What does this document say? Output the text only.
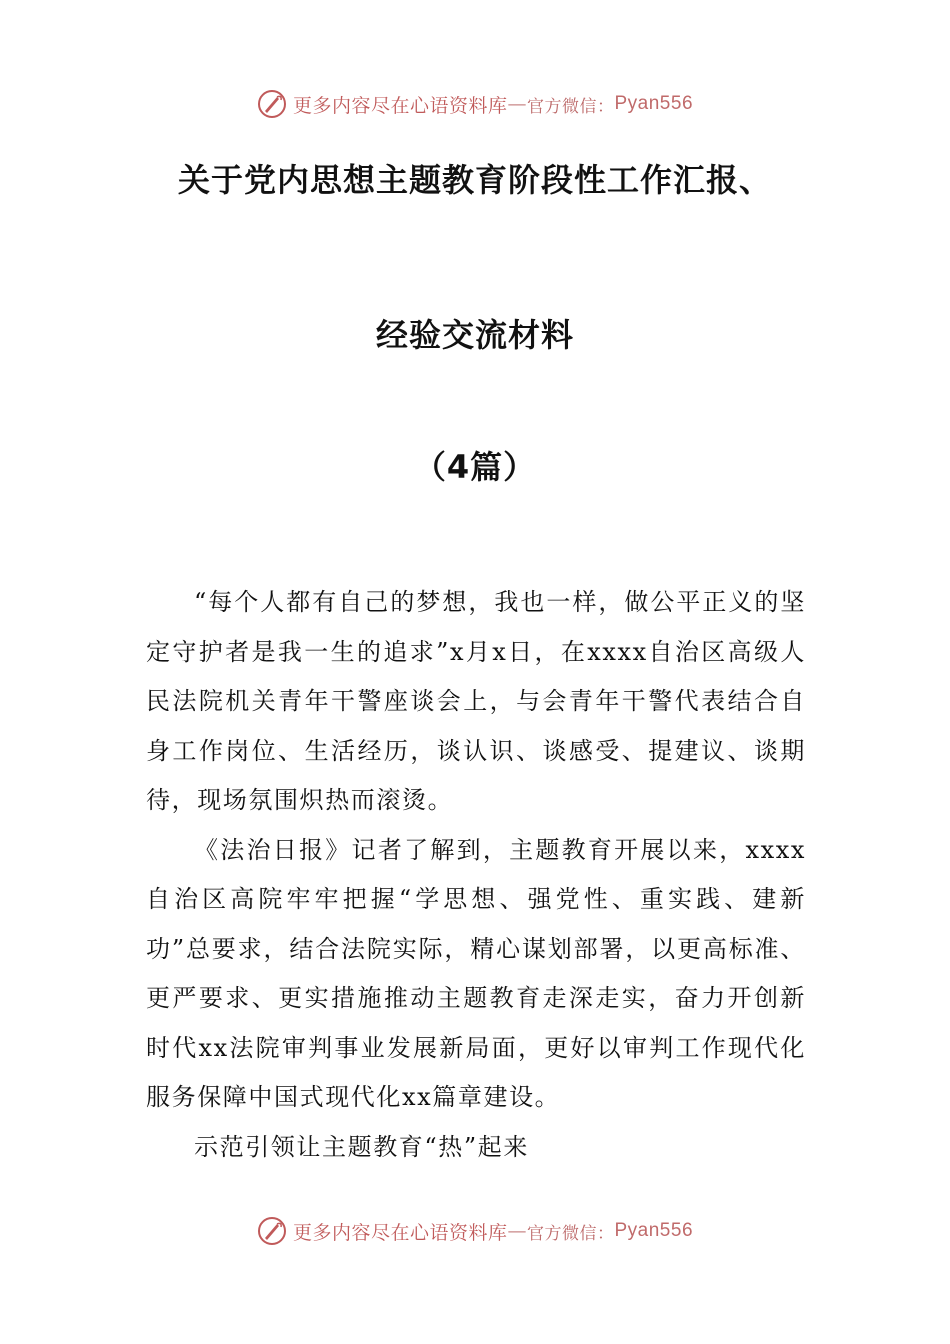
更多内容尽在心语资料库 — 官方微信： Pyan556
关于党内思想主题教育阶段性工作汇报、
经验交流材料
（4篇）

“每个人都有自己的梦想，我也一样，做公平正义的坚定守护者是我一生的追求”x月x日，在xxxx自治区高级人民法院机关青年干警座谈会上，与会青年干警代表结合自身工作岗位、生活经历，谈认识、谈感受、提建议、谈期待，现场氛围炽热而滚烫。

《法治日报》记者了解到，主题教育开展以来，xxxx自治区高院牢牢把握“学思想、强党性、重实践、建新功”总要求，结合法院实际，精心谋划部署，以更高标准、更严要求、更实措施推动主题教育走深走实，奋力开创新时代xx法院审判事业发展新局面，更好以审判工作现代化服务保障中国式现代化xx篇章建设。

示范引领让主题教育“热”起来

更多内容尽在心语资料库 — 官方微信： Pyan556
